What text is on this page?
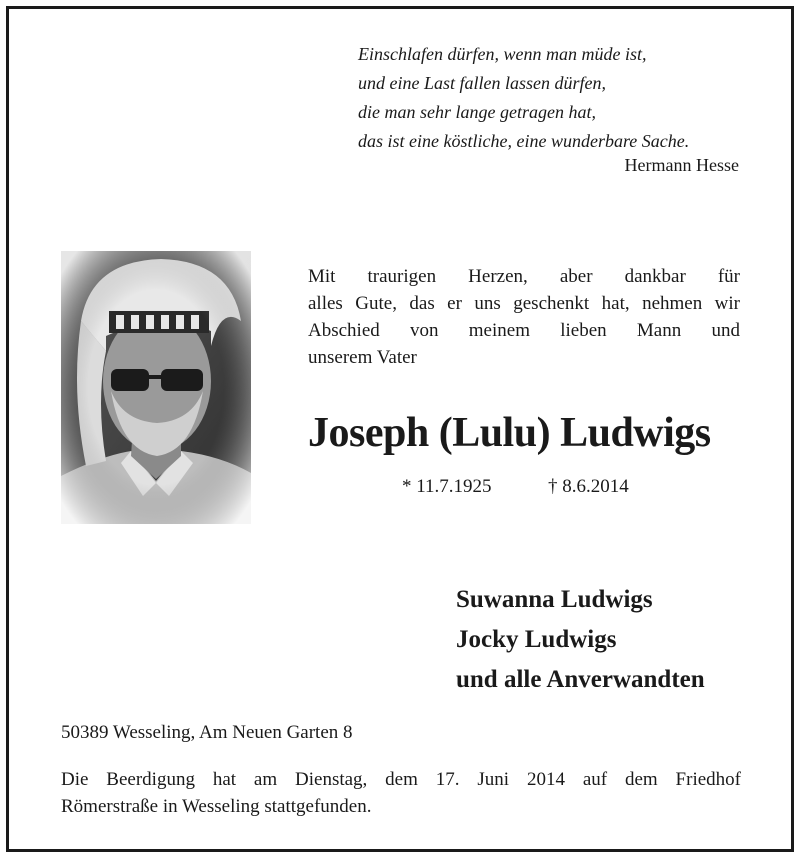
Einschlafen dürfen, wenn man müde ist,
und eine Last fallen lassen dürfen,
die man sehr lange getragen hat,
das ist eine köstliche, eine wunderbare Sache.
Hermann Hesse
Mit traurigen Herzen, aber dankbar für
alles Gute, das er uns geschenkt hat, nehmen wir
Abschied von meinem lieben Mann und
unserem Vater
Joseph (Lulu) Ludwigs
* 11.7.1925	† 8.6.2014
Suwanna Ludwigs
Jocky Ludwigs
und alle Anverwandten
50389 Wesseling, Am Neuen Garten 8
Die Beerdigung hat am Dienstag, dem 17. Juni 2014 auf dem Friedhof
Römerstraße in Wesseling stattgefunden.
